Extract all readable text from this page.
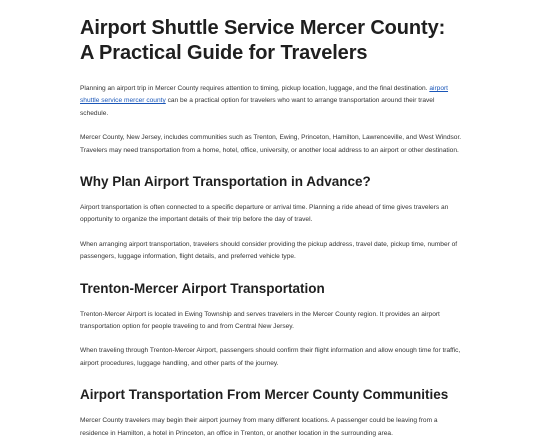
Airport Shuttle Service Mercer County: A Practical Guide for Travelers

Planning an airport trip in Mercer County requires attention to timing, pickup location, luggage, and the final destination. airport shuttle service mercer county can be a practical option for travelers who want to arrange transportation around their travel schedule.

Mercer County, New Jersey, includes communities such as Trenton, Ewing, Princeton, Hamilton, Lawrenceville, and West Windsor. Travelers may need transportation from a home, hotel, office, university, or another local address to an airport or other destination.

Why Plan Airport Transportation in Advance?

Airport transportation is often connected to a specific departure or arrival time. Planning a ride ahead of time gives travelers an opportunity to organize the important details of their trip before the day of travel.

When arranging airport transportation, travelers should consider providing the pickup address, travel date, pickup time, number of passengers, luggage information, flight details, and preferred vehicle type.

Trenton-Mercer Airport Transportation

Trenton-Mercer Airport is located in Ewing Township and serves travelers in the Mercer County region. It provides an airport transportation option for people traveling to and from Central New Jersey.

When traveling through Trenton-Mercer Airport, passengers should confirm their flight information and allow enough time for traffic, airport procedures, luggage handling, and other parts of the journey.

Airport Transportation From Mercer County Communities

Mercer County travelers may begin their airport journey from many different locations. A passenger could be leaving from a residence in Hamilton, a hotel in Princeton, an office in Trenton, or another location in the surrounding area.
